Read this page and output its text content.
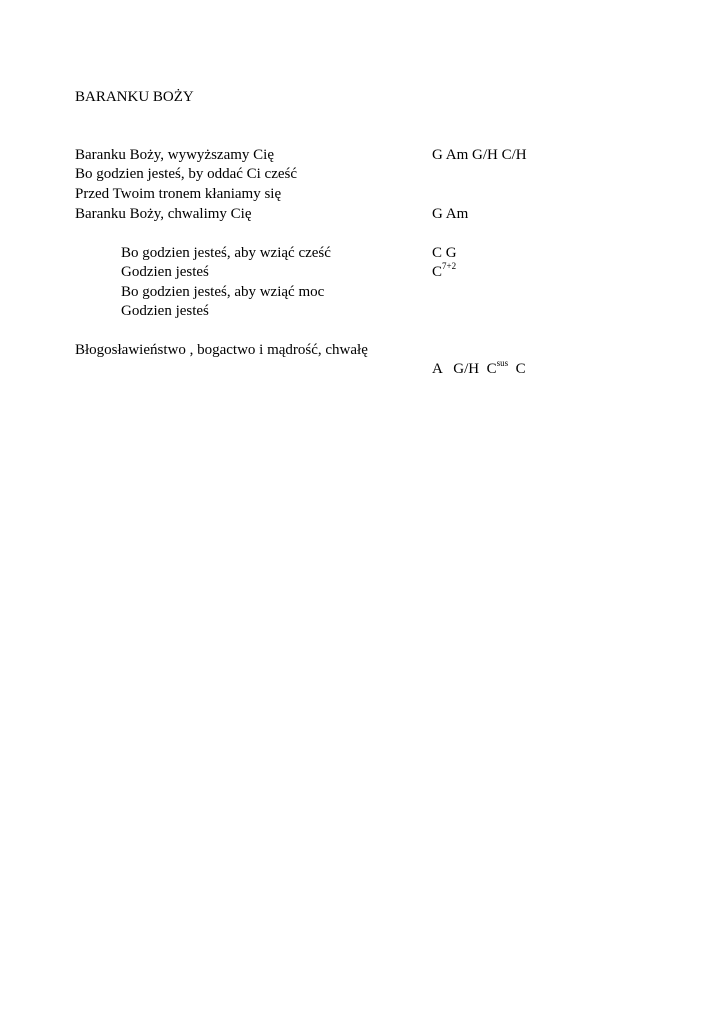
BARANKU BOŻY
Baranku Boży, wywyższamy Cię	G Am G/H C/H
Bo godzien jesteś, by oddać Ci cześć
Przed Twoim tronem kłaniamy się
Baranku Boży, chwalimy Cię	G Am
Bo godzien jesteś, aby wziąć cześć	C G
Godzien jesteś	$C^{7+2}$
Bo godzien jesteś, aby wziąć moc
Godzien jesteś
Błogosławieństwo , bogactwo i mądrość, chwałę
A   G/H  $C^{sus}$ C
